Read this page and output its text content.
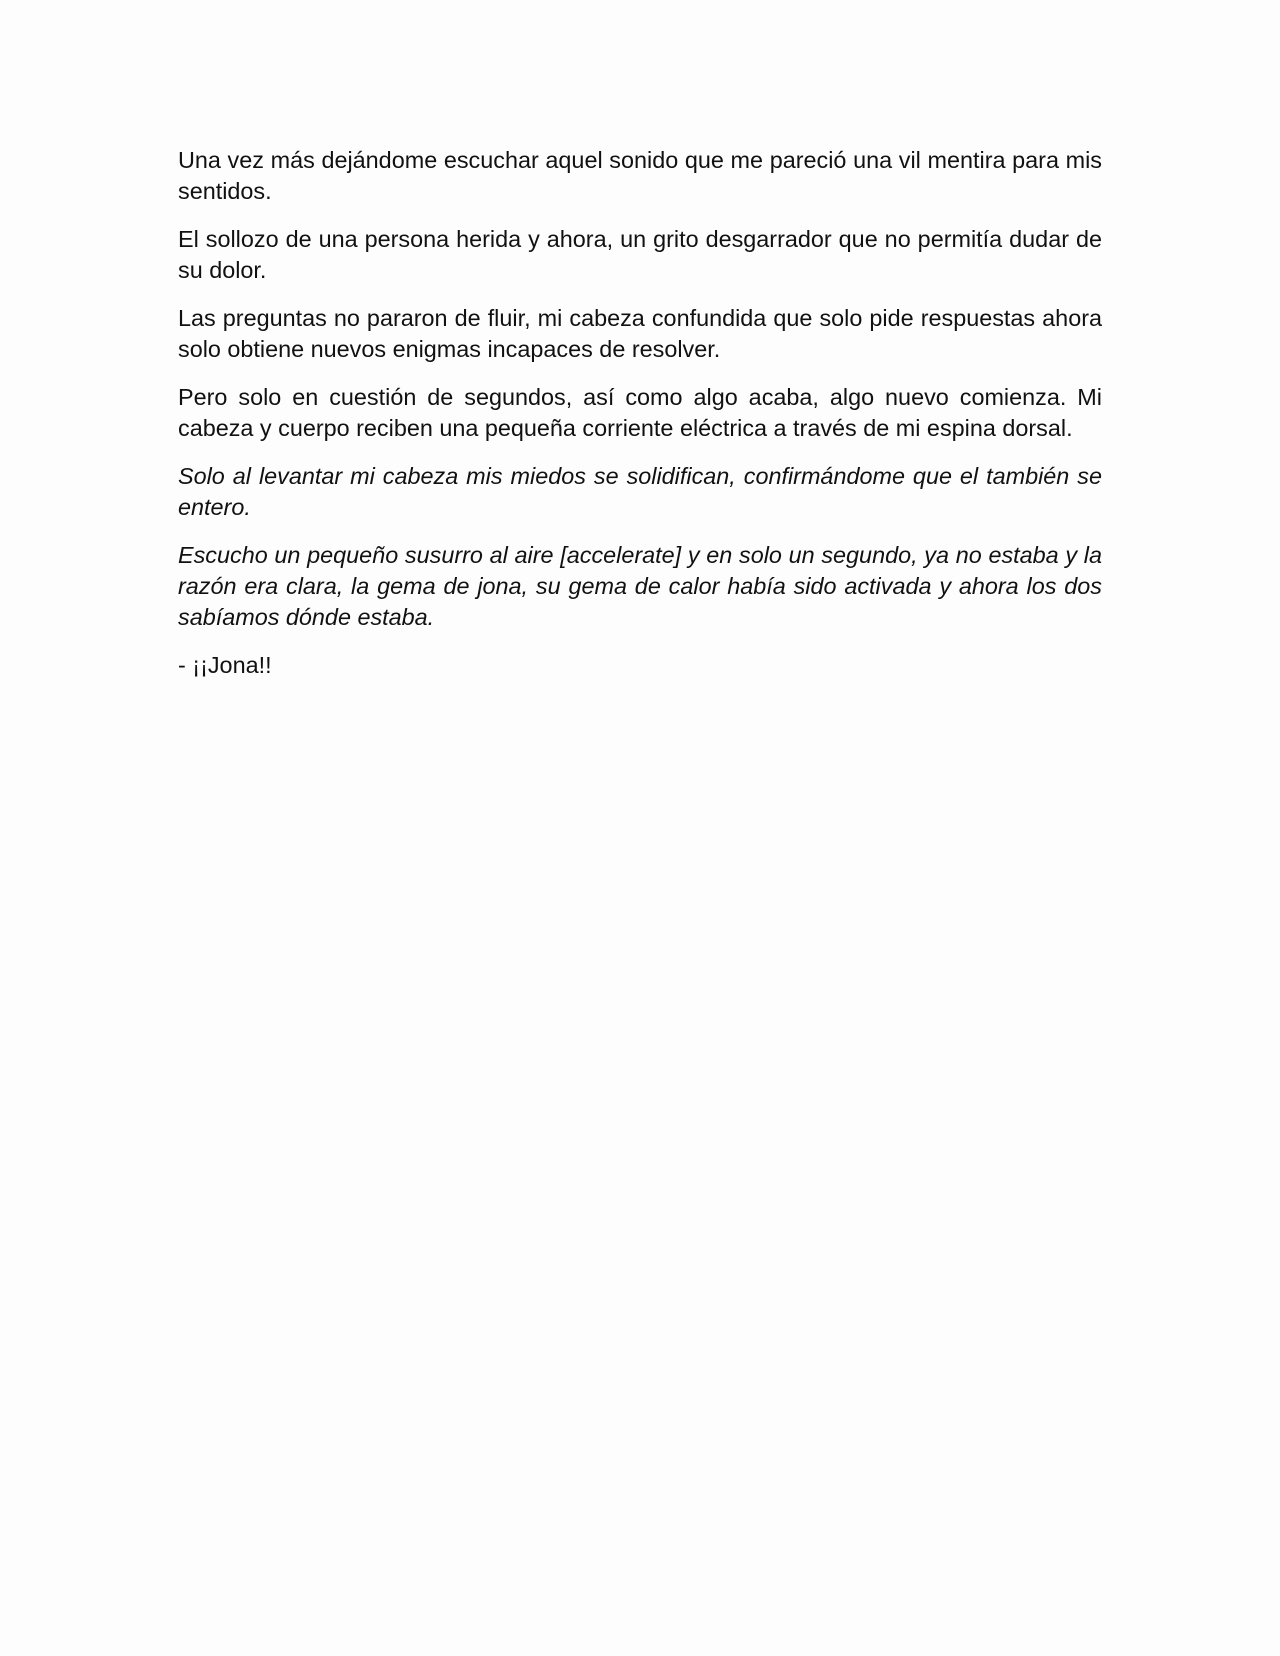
Una vez más dejándome escuchar aquel sonido que me pareció una vil mentira para mis sentidos.

El sollozo de una persona herida y ahora, un grito desgarrador que no permitía dudar de su dolor.

Las preguntas no pararon de fluir, mi cabeza confundida que solo pide respuestas ahora solo obtiene nuevos enigmas incapaces de resolver.

Pero solo en cuestión de segundos, así como algo acaba, algo nuevo comienza. Mi cabeza y cuerpo reciben una pequeña corriente eléctrica a través de mi espina dorsal.

Solo al levantar mi cabeza mis miedos se solidifican, confirmándome que el también se entero.

Escucho un pequeño susurro al aire [accelerate] y en solo un segundo, ya no estaba y la razón era clara, la gema de jona, su gema de calor había sido activada y ahora los dos sabíamos dónde estaba.

- ¡¡Jona!!
